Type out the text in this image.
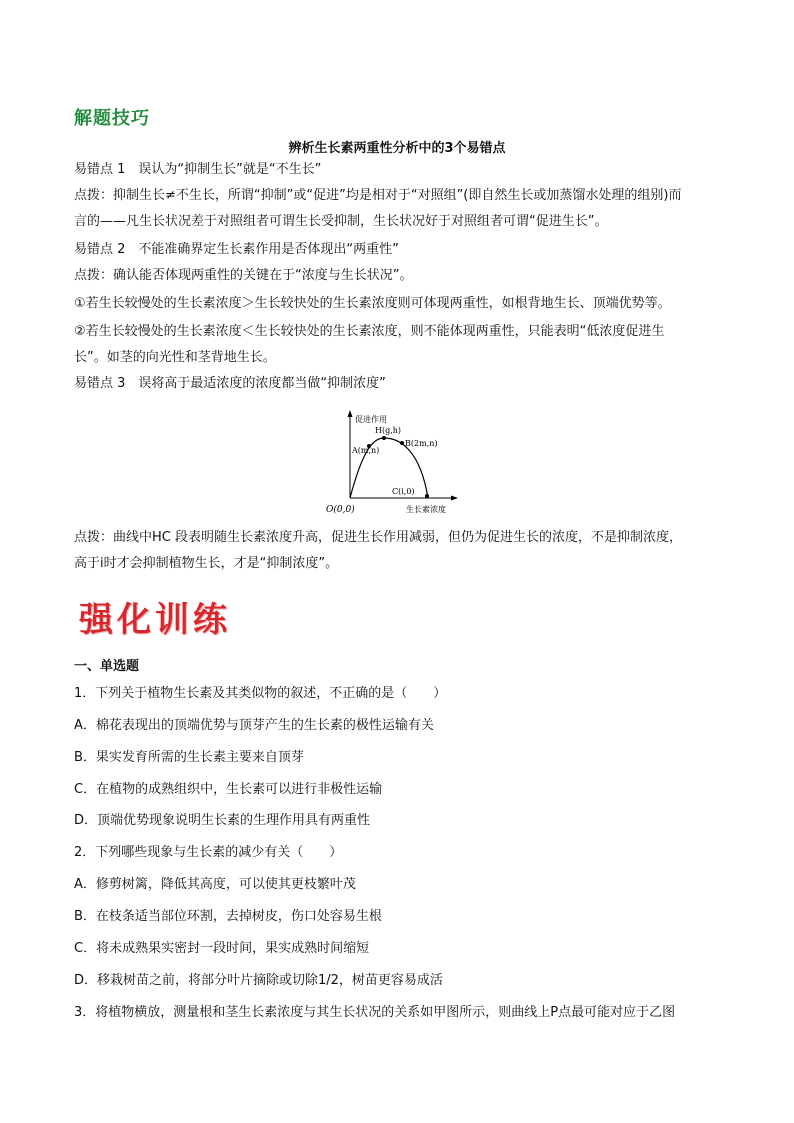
解题技巧
辨析生长素两重性分析中的3个易错点
易错点 1　误认为“抑制生长”就是“不生长”
点拨：抑制生长≠不生长，所谓“抑制”或“促进”均是相对于“对照组”(即自然生长或加蒸馏水处理的组别)而
言的——凡生长状况差于对照组者可谓生长受抑制，生长状况好于对照组者可谓“促进生长”。
易错点 2　不能准确界定生长素作用是否体现出“两重性”
点拨：确认能否体现两重性的关键在于“浓度与生长状况”。
①若生长较慢处的生长素浓度＞生长较快处的生长素浓度则可体现两重性，如根背地生长、顶端优势等。
②若生长较慢处的生长素浓度＜生长较快处的生长素浓度，则不能体现两重性，只能表明“低浓度促进生
长”。如茎的向光性和茎背地生长。
易错点 3　误将高于最适浓度的浓度都当做“抑制浓度”
促进作用
H(g,h)
A(m,n)
B(2m,n)
C(i,0)
O(0,0)	生长素浓度
点拨：曲线中HC 段表明随生长素浓度升高，促进生长作用减弱，但仍为促进生长的浓度，不是抑制浓度，
高于i时才会抑制植物生长，才是“抑制浓度”。
强化训练
一、单选题
1．下列关于植物生长素及其类似物的叙述，不正确的是（　　）
A．棉花表现出的顶端优势与顶芽产生的生长素的极性运输有关
B．果实发育所需的生长素主要来自顶芽
C．在植物的成熟组织中，生长素可以进行非极性运输
D．顶端优势现象说明生长素的生理作用具有两重性
2．下列哪些现象与生长素的减少有关（　　）
A．修剪树篱，降低其高度，可以使其更枝繁叶茂
B．在枝条适当部位环割，去掉树皮，伤口处容易生根
C．将未成熟果实密封一段时间，果实成熟时间缩短
D．移栽树苗之前，将部分叶片摘除或切除1/2，树苗更容易成活
3．将植物横放，测量根和茎生长素浓度与其生长状况的关系如甲图所示，则曲线上P点最可能对应于乙图
